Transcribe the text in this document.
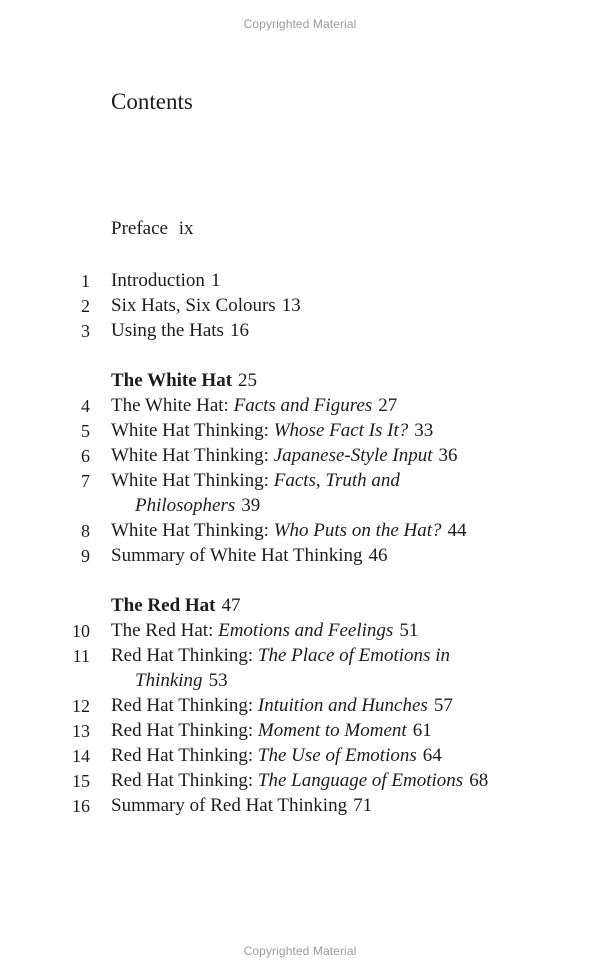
Copyrighted Material
Contents
Preface ix
1 Introduction 1
2 Six Hats, Six Colours 13
3 Using the Hats 16
The White Hat 25
4 The White Hat: Facts and Figures 27
5 White Hat Thinking: Whose Fact Is It? 33
6 White Hat Thinking: Japanese-Style Input 36
7 White Hat Thinking: Facts, Truth and
Philosophers 39
8 White Hat Thinking: Who Puts on the Hat? 44
9 Summary of White Hat Thinking 46
The Red Hat 47
10 The Red Hat: Emotions and Feelings 51
11 Red Hat Thinking: The Place of Emotions in
Thinking 53
12 Red Hat Thinking: Intuition and Hunches 57
13 Red Hat Thinking: Moment to Moment 61
14 Red Hat Thinking: The Use of Emotions 64
15 Red Hat Thinking: The Language of Emotions 68
16 Summary of Red Hat Thinking 71
Copyrighted Material
